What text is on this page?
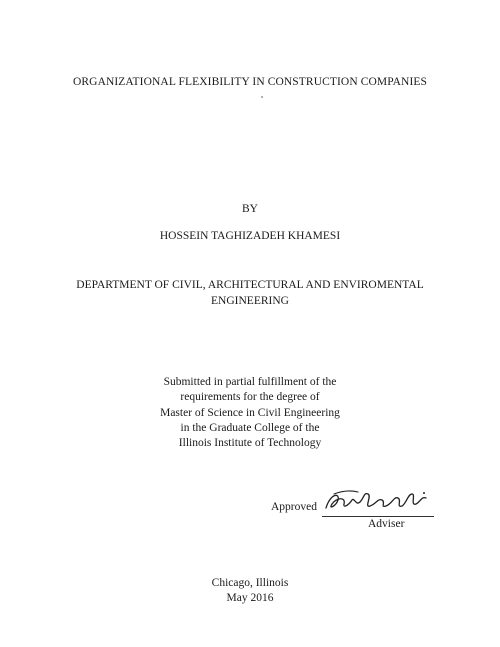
ORGANIZATIONAL FLEXIBILITY IN CONSTRUCTION COMPANIES
BY
HOSSEIN TAGHIZADEH KHAMESI
DEPARTMENT OF CIVIL, ARCHITECTURAL AND ENVIROMENTAL
ENGINEERING
Submitted in partial fulfillment of the
requirements for the degree of
Master of Science in Civil Engineering
in the Graduate College of the
Illinois Institute of Technology
Approved
Adviser
Chicago, Illinois
May 2016
